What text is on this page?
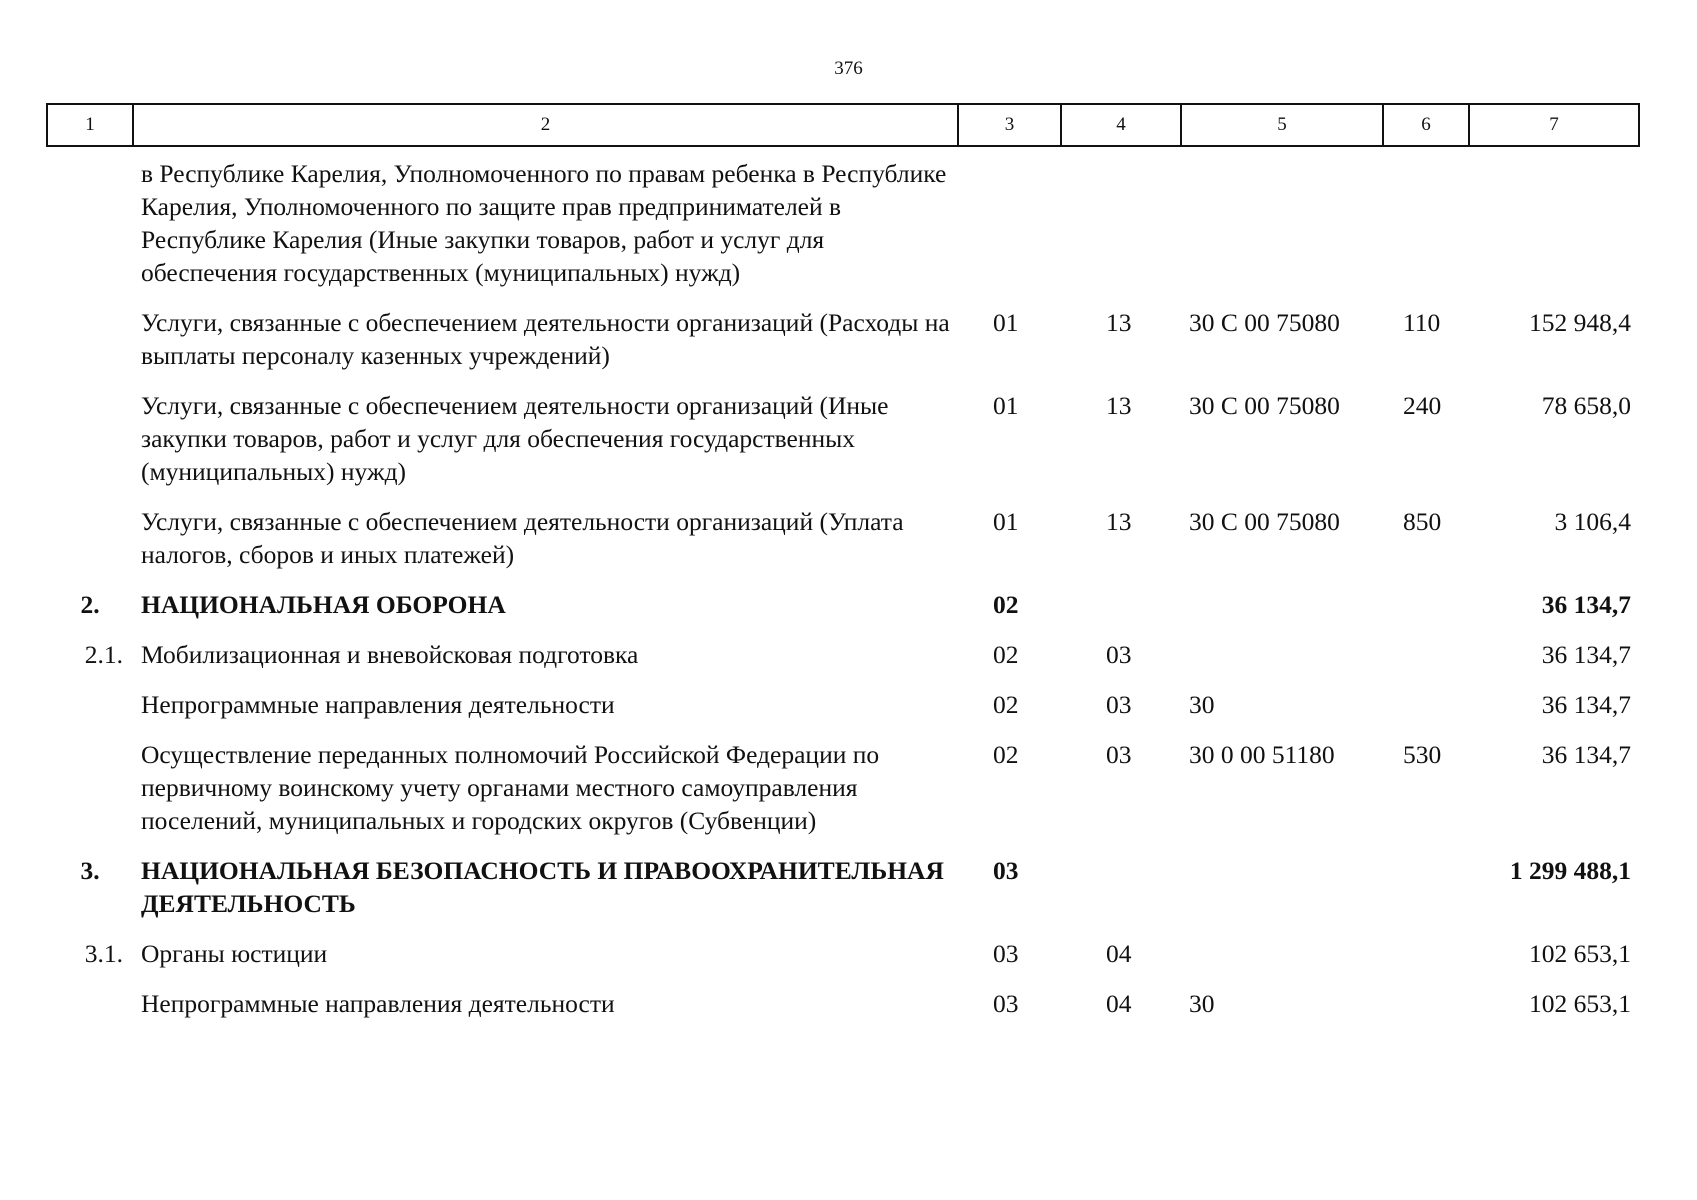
376
1	2	3	4	5	6	7
	в Республике Карелия, Уполномоченного по правам ребенка в Республике Карелия, Уполномоченного по защите прав предпринимателей в Республике Карелия (Иные закупки товаров, работ и услуг для обеспечения государственных (муниципальных) нужд)					
	Услуги, связанные с обеспечением деятельности организаций (Расходы на выплаты персоналу казенных учреждений)	01	13	30 С 00 75080	110	152 948,4
	Услуги, связанные с обеспечением деятельности организаций (Иные закупки товаров, работ и услуг для обеспечения государственных (муниципальных) нужд)	01	13	30 С 00 75080	240	78 658,0
	Услуги, связанные с обеспечением деятельности организаций (Уплата налогов, сборов и иных платежей)	01	13	30 С 00 75080	850	3 106,4
2.	НАЦИОНАЛЬНАЯ ОБОРОНА	02				36 134,7
2.1.	Мобилизационная и вневойсковая подготовка	02	03			36 134,7
	Непрограммные направления деятельности	02	03	30		36 134,7
	Осуществление переданных полномочий Российской Федерации по первичному воинскому учету органами местного самоуправления поселений, муниципальных и городских округов (Субвенции)	02	03	30 0 00 51180	530	36 134,7
3.	НАЦИОНАЛЬНАЯ БЕЗОПАСНОСТЬ И ПРАВООХРАНИТЕЛЬНАЯ ДЕЯТЕЛЬНОСТЬ	03				1 299 488,1
3.1.	Органы юстиции	03	04			102 653,1
	Непрограммные направления деятельности	03	04	30		102 653,1
